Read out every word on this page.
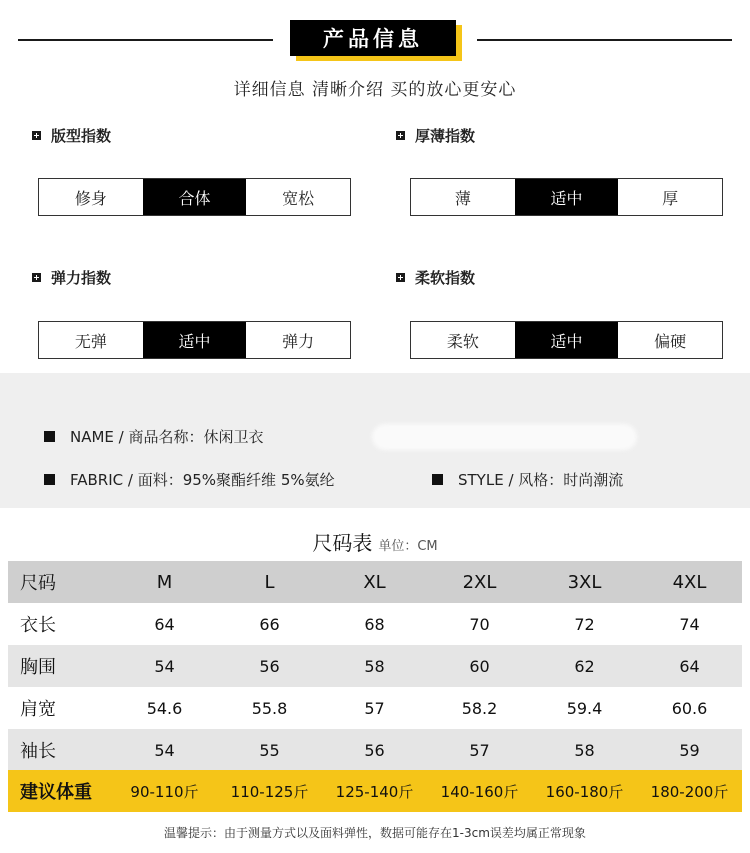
产品信息
详细信息 清晰介绍 买的放心更安心
版型指数
修身	合体	宽松
厚薄指数
薄	适中	厚
弹力指数
无弹	适中	弹力
柔软指数
柔软	适中	偏硬
NAME / 商品名称：休闲卫衣
FABRIC / 面料：95%聚酯纤维 5%氨纶	STYLE / 风格：时尚潮流
尺码表 单位：CM
尺码	M	L	XL	2XL	3XL	4XL
衣长	64	66	68	70	72	74
胸围	54	56	58	60	62	64
肩宽	54.6	55.8	57	58.2	59.4	60.6
袖长	54	55	56	57	58	59
建议体重	90-110斤	110-125斤	125-140斤	140-160斤	160-180斤	180-200斤
温馨提示：由于测量方式以及面料弹性，数据可能存在1-3cm误差均属正常现象
